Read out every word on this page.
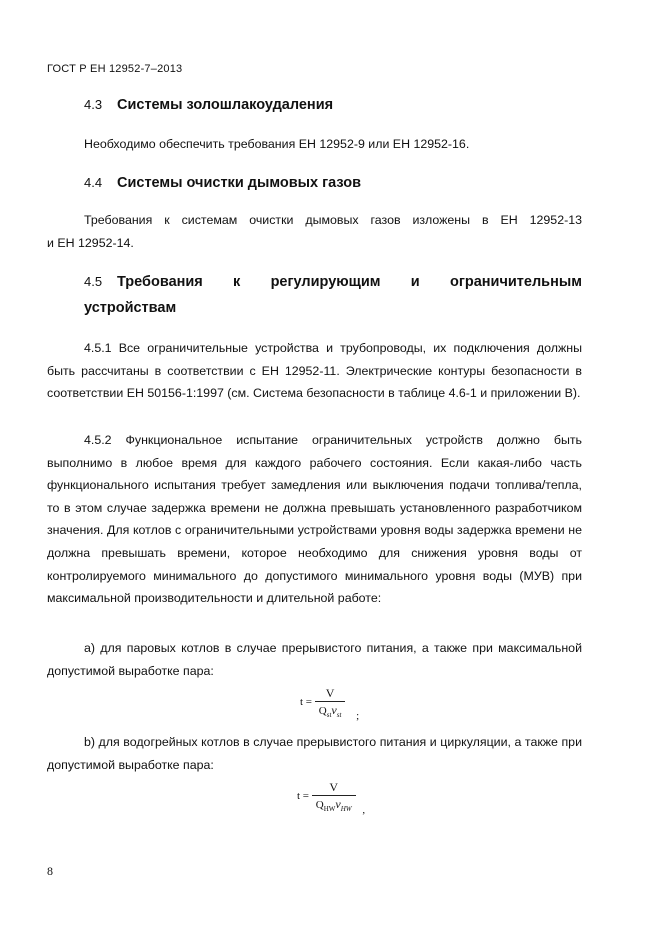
ГОСТ Р ЕН 12952-7–2013
4.3 Системы золошлакоудаления
Необходимо обеспечить требования ЕН 12952-9 или ЕН 12952-16.
4.4 Системы очистки дымовых газов
Требования к системам очистки дымовых газов изложены в ЕН 12952-13
и ЕН 12952-14.
4.5 Требования к регулирующим и ограничительным
устройствам
4.5.1 Все ограничительные устройства и трубопроводы, их подключения должны быть рассчитаны в соответствии с ЕН 12952-11. Электрические контуры безопасности в соответствии ЕН 50156-1:1997 (см. Система безопасности в таблице 4.6-1 и приложении В).
4.5.2 Функциональное испытание ограничительных устройств должно быть выполнимо в любое время для каждого рабочего состояния. Если какая-либо часть функционального испытания требует замедления или выключения подачи топлива/тепла, то в этом случае задержка времени не должна превышать установленного разработчиком значения. Для котлов с ограничительными устройствами уровня воды задержка времени не должна превышать времени, которое необходимо для снижения уровня воды от контролируемого минимального до допустимого минимального уровня воды (МУВ) при максимальной производительности и длительной работе:
a) для паровых котлов в случае прерывистого питания, а также при максимальной допустимой выработке пара:
$t = \frac{V}{Q_{st}\nu_{st}}$ ;
b) для водогрейных котлов в случае прерывистого питания и циркуляции, а также при допустимой выработке пара:
$t = \frac{V}{Q_{HW}\nu_{HW}}$ ,
8
